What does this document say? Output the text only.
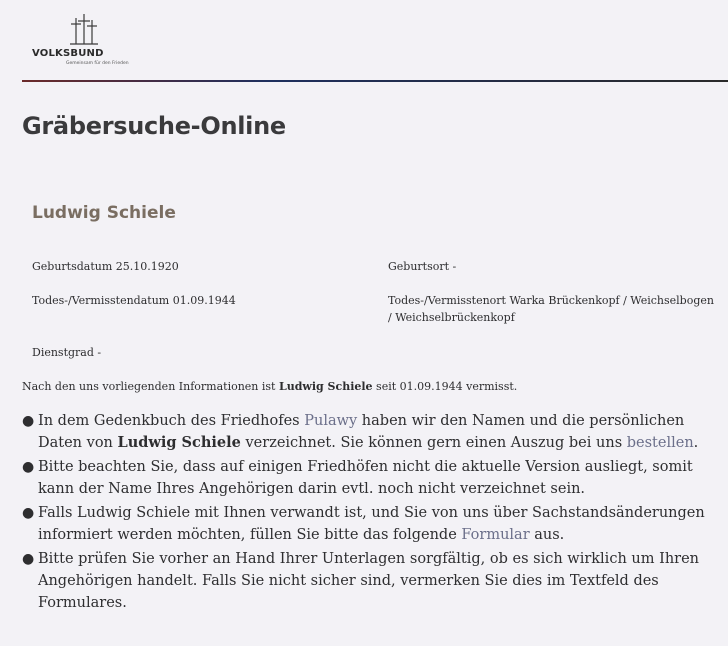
VOLKSBUND
Gemeinsam für den Frieden
Gräbersuche-Online
Ludwig Schiele
Geburtsdatum 25.10.1920	Geburtsort -
Todes-/Vermisstendatum 01.09.1944	Todes-/Vermisstenort Warka Brückenkopf / Weichselbogen / Weichselbrückenkopf
Dienstgrad -
Nach den uns vorliegenden Informationen ist Ludwig Schiele seit 01.09.1944 vermisst.
● In dem Gedenkbuch des Friedhofes Pulawy haben wir den Namen und die persönlichen Daten von Ludwig Schiele verzeichnet. Sie können gern einen Auszug bei uns bestellen.
● Bitte beachten Sie, dass auf einigen Friedhöfen nicht die aktuelle Version ausliegt, somit kann der Name Ihres Angehörigen darin evtl. noch nicht verzeichnet sein.
● Falls Ludwig Schiele mit Ihnen verwandt ist, und Sie von uns über Sachstandsänderungen informiert werden möchten, füllen Sie bitte das folgende Formular aus.
● Bitte prüfen Sie vorher an Hand Ihrer Unterlagen sorgfältig, ob es sich wirklich um Ihren Angehörigen handelt. Falls Sie nicht sicher sind, vermerken Sie dies im Textfeld des Formulares.
